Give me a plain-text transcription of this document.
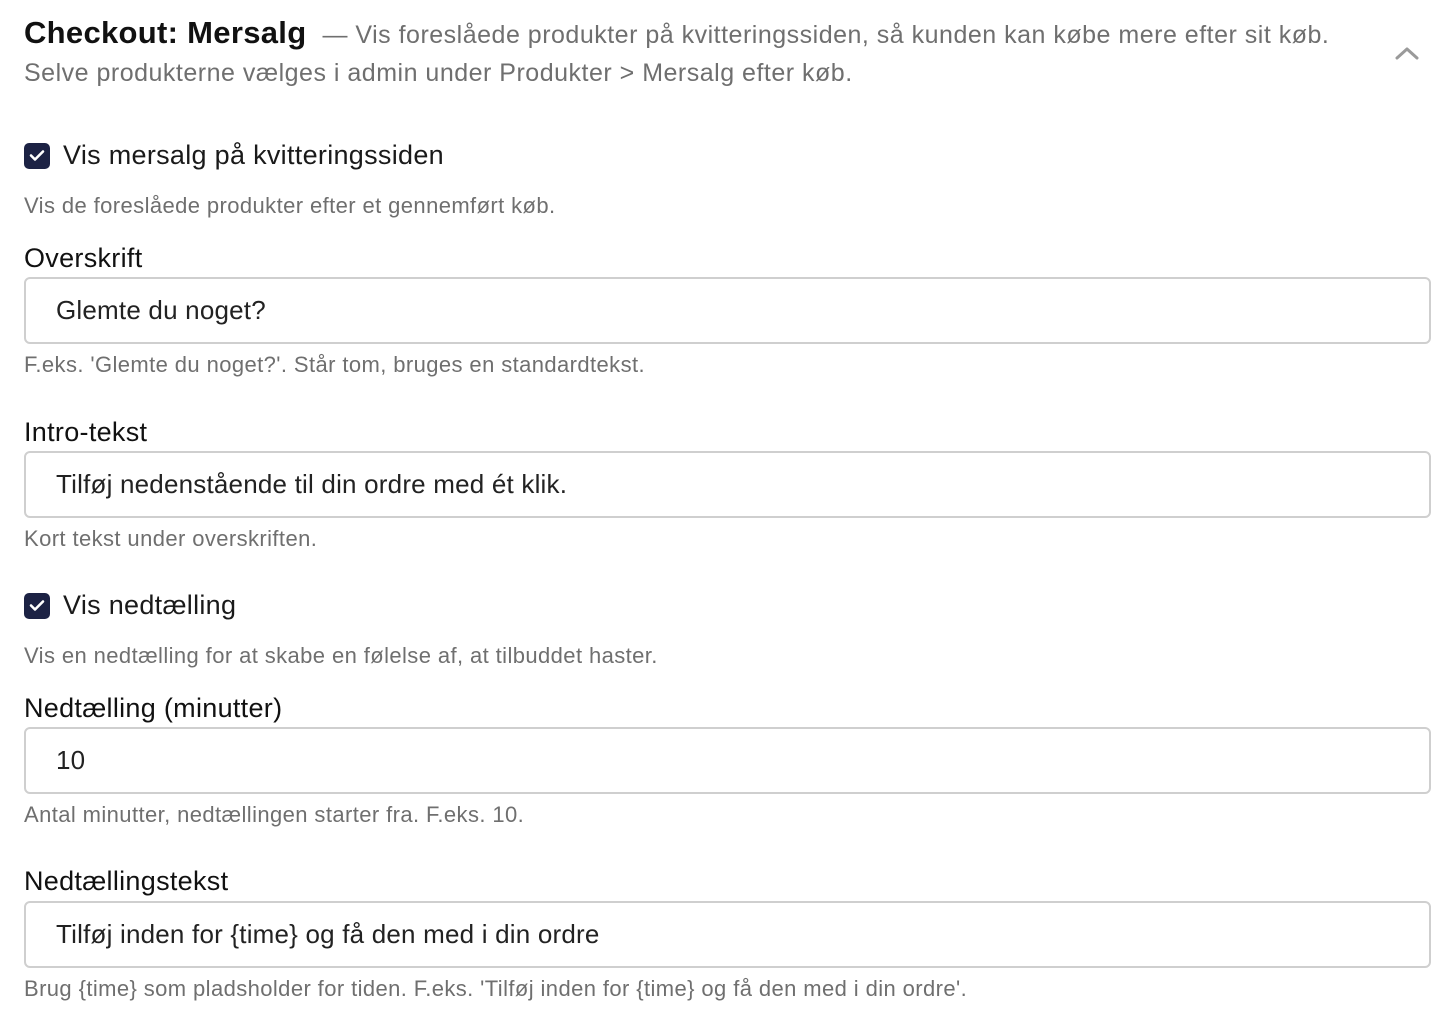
Checkout: Mersalg — Vis foreslåede produkter på kvitteringssiden, så kunden kan købe mere efter sit køb. Selve produkterne vælges i admin under Produkter > Mersalg efter køb.
Vis mersalg på kvitteringssiden
Vis de foreslåede produkter efter et gennemført køb.
Overskrift
Glemte du noget?
F.eks. 'Glemte du noget?'. Står tom, bruges en standardtekst.
Intro-tekst
Tilføj nedenstående til din ordre med ét klik.
Kort tekst under overskriften.
Vis nedtælling
Vis en nedtælling for at skabe en følelse af, at tilbuddet haster.
Nedtælling (minutter)
10
Antal minutter, nedtællingen starter fra. F.eks. 10.
Nedtællingstekst
Tilføj inden for {time} og få den med i din ordre
Brug {time} som pladsholder for tiden. F.eks. 'Tilføj inden for {time} og få den med i din ordre'.
